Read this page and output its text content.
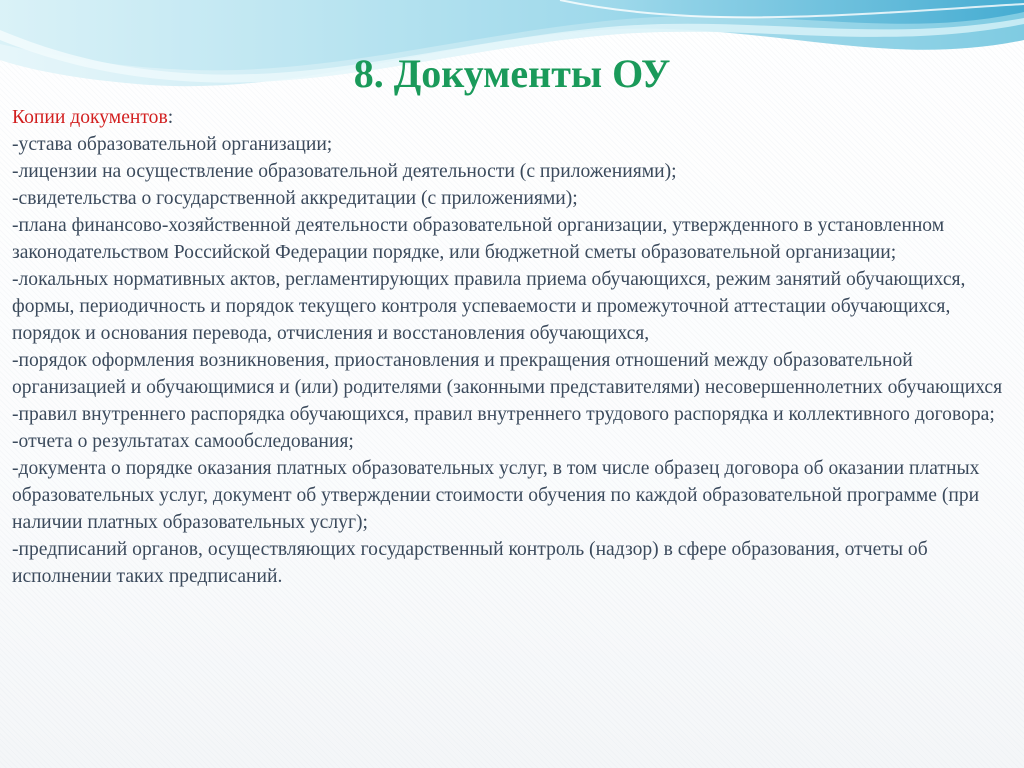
8. Документы ОУ
Копии документов:

-устава образовательной организации;

-лицензии на осуществление образовательной деятельности (с приложениями);

-свидетельства о государственной аккредитации (с приложениями);

-плана финансово-хозяйственной деятельности образовательной организации, утвержденного в установленном законодательством Российской Федерации порядке, или бюджетной сметы образовательной организации;

-локальных нормативных актов, регламентирующих правила приема обучающихся, режим занятий обучающихся, формы, периодичность и порядок текущего контроля успеваемости и промежуточной аттестации обучающихся, порядок и основания перевода, отчисления и восстановления обучающихся,

-порядок оформления возникновения, приостановления и прекращения отношений между образовательной организацией и обучающимися и (или) родителями (законными представителями) несовершеннолетних обучающихся

-правил внутреннего распорядка обучающихся, правил внутреннего трудового распорядка и коллективного договора;

-отчета о результатах самообследования;

-документа о порядке оказания платных образовательных услуг, в том числе образец договора об оказании платных образовательных услуг, документ об утверждении стоимости обучения по каждой образовательной программе (при наличии платных образовательных услуг);

-предписаний органов, осуществляющих государственный контроль (надзор) в сфере образования, отчеты об исполнении таких предписаний.
